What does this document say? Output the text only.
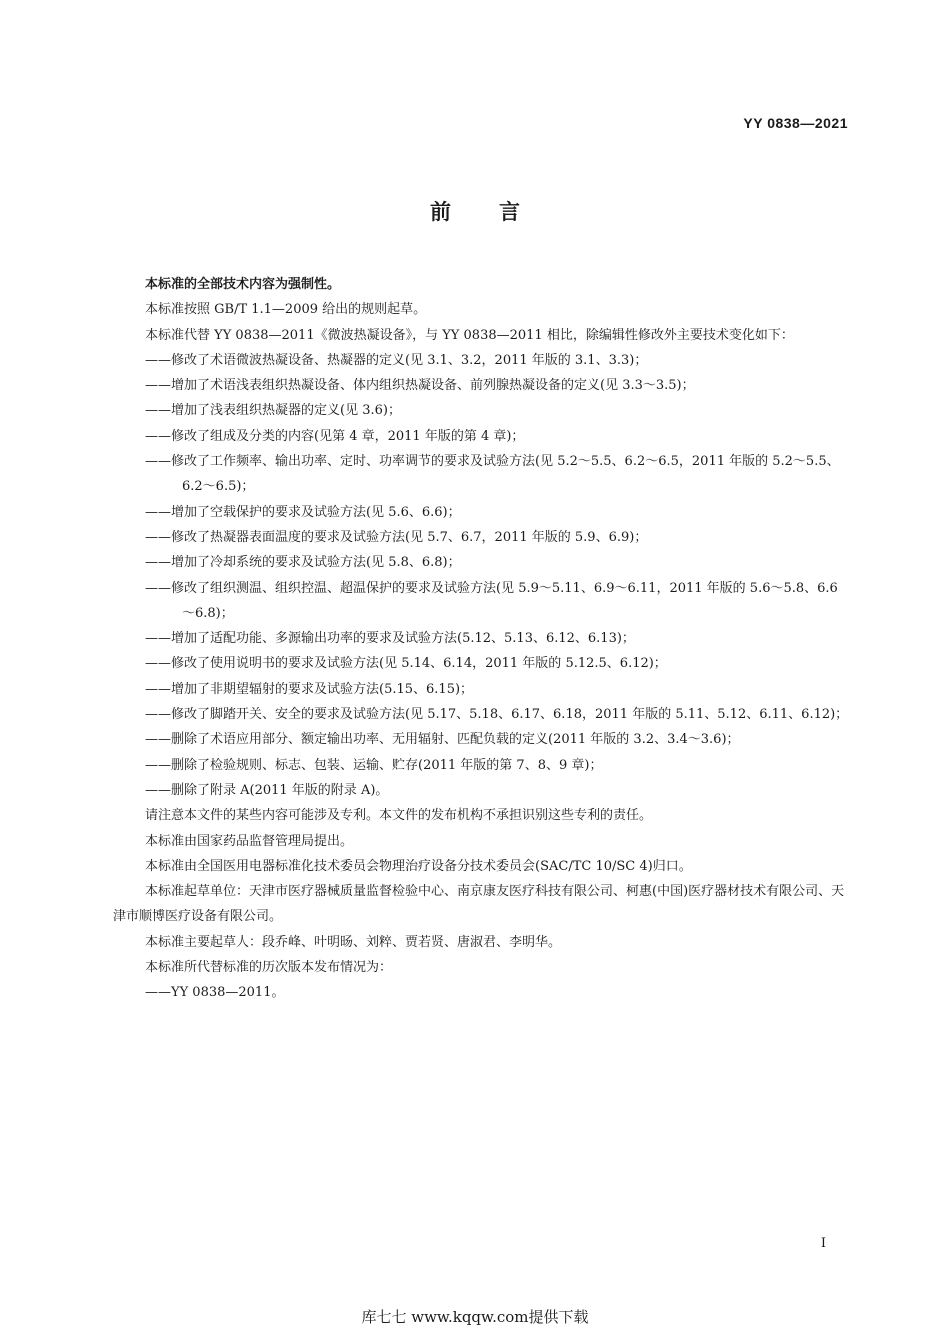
YY 0838—2021
前言

本标准的全部技术内容为强制性。

本标准按照 GB/T 1.1—2009 给出的规则起草。

本标准代替 YY 0838—2011《微波热凝设备》，与 YY 0838—2011 相比，除编辑性修改外主要技术变化如下：

——修改了术语微波热凝设备、热凝器的定义(见 3.1、3.2，2011 年版的 3.1、3.3)；

——增加了术语浅表组织热凝设备、体内组织热凝设备、前列腺热凝设备的定义(见 3.3～3.5)；

——增加了浅表组织热凝器的定义(见 3.6)；

——修改了组成及分类的内容(见第 4 章，2011 年版的第 4 章)；

——修改了工作频率、输出功率、定时、功率调节的要求及试验方法(见 5.2～5.5、6.2～6.5，2011 年版的 5.2～5.5、6.2～6.5)；

——增加了空载保护的要求及试验方法(见 5.6、6.6)；

——修改了热凝器表面温度的要求及试验方法(见 5.7、6.7，2011 年版的 5.9、6.9)；

——增加了冷却系统的要求及试验方法(见 5.8、6.8)；

——修改了组织测温、组织控温、超温保护的要求及试验方法(见 5.9～5.11、6.9～6.11，2011 年版的 5.6～5.8、6.6～6.8)；

——增加了适配功能、多源输出功率的要求及试验方法(5.12、5.13、6.12、6.13)；

——修改了使用说明书的要求及试验方法(见 5.14、6.14，2011 年版的 5.12.5、6.12)；

——增加了非期望辐射的要求及试验方法(5.15、6.15)；

——修改了脚踏开关、安全的要求及试验方法(见 5.17、5.18、6.17、6.18，2011 年版的 5.11、5.12、6.11、6.12)；

——删除了术语应用部分、额定输出功率、无用辐射、匹配负载的定义(2011 年版的 3.2、3.4～3.6)；

——删除了检验规则、标志、包装、运输、贮存(2011 年版的第 7、8、9 章)；

——删除了附录 A(2011 年版的附录 A)。

请注意本文件的某些内容可能涉及专利。本文件的发布机构不承担识别这些专利的责任。

本标准由国家药品监督管理局提出。

本标准由全国医用电器标准化技术委员会物理治疗设备分技术委员会(SAC/TC 10/SC 4)归口。

本标准起草单位：天津市医疗器械质量监督检验中心、南京康友医疗科技有限公司、柯惠(中国)医疗器材技术有限公司、天津市顺博医疗设备有限公司。

本标准主要起草人：段乔峰、叶明旸、刘粹、贾若贤、唐淑君、李明华。

本标准所代替标准的历次版本发布情况为：

——YY 0838—2011。

I
库七七 www.kqqw.com提供下载
